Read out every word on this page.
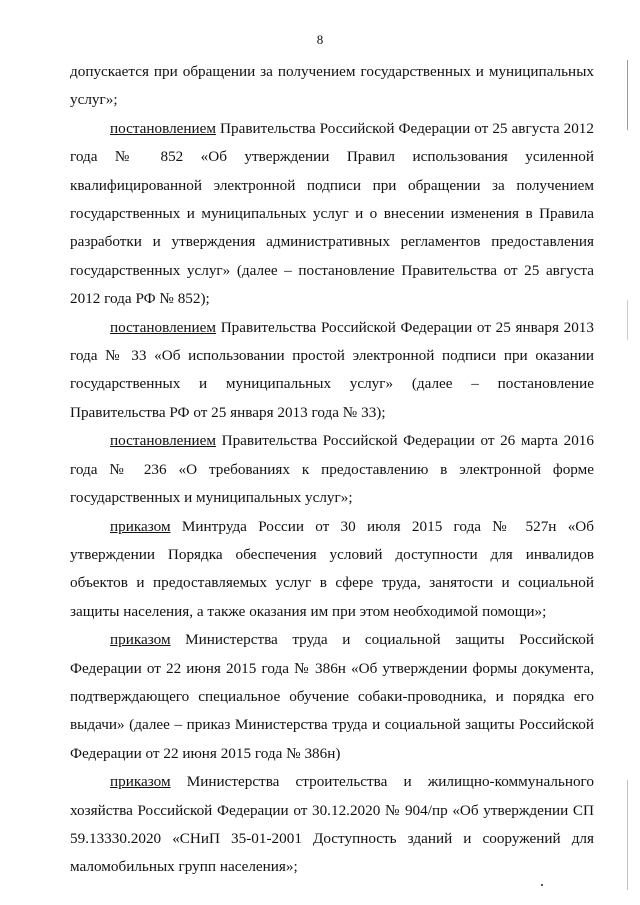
8

допускается при обращении за получением государственных и муниципальных услуг»;

постановлением Правительства Российской Федерации от 25 августа 2012 года № 852 «Об утверждении Правил использования усиленной квалифицированной электронной подписи при обращении за получением государственных и муниципальных услуг и о внесении изменения в Правила разработки и утверждения административных регламентов предоставления государственных услуг» (далее – постановление Правительства от 25 августа 2012 года РФ № 852);

постановлением Правительства Российской Федерации от 25 января 2013 года № 33 «Об использовании простой электронной подписи при оказании государственных и муниципальных услуг» (далее – постановление Правительства РФ от 25 января 2013 года № 33);

постановлением Правительства Российской Федерации от 26 марта 2016 года № 236 «О требованиях к предоставлению в электронной форме государственных и муниципальных услуг»;

приказом Минтруда России от 30 июля 2015 года № 527н «Об утверждении Порядка обеспечения условий доступности для инвалидов объектов и предоставляемых услуг в сфере труда, занятости и социальной защиты населения, а также оказания им при этом необходимой помощи»;

приказом Министерства труда и социальной защиты Российской Федерации от 22 июня 2015 года № 386н «Об утверждении формы документа, подтверждающего специальное обучение собаки-проводника, и порядка его выдачи» (далее – приказ Министерства труда и социальной защиты Российской Федерации от 22 июня 2015 года № 386н)

приказом Министерства строительства и жилищно-коммунального хозяйства Российской Федерации от 30.12.2020 № 904/пр «Об утверждении СП 59.13330.2020 «СНиП 35-01-2001 Доступность зданий и сооружений для маломобильных групп населения»;
